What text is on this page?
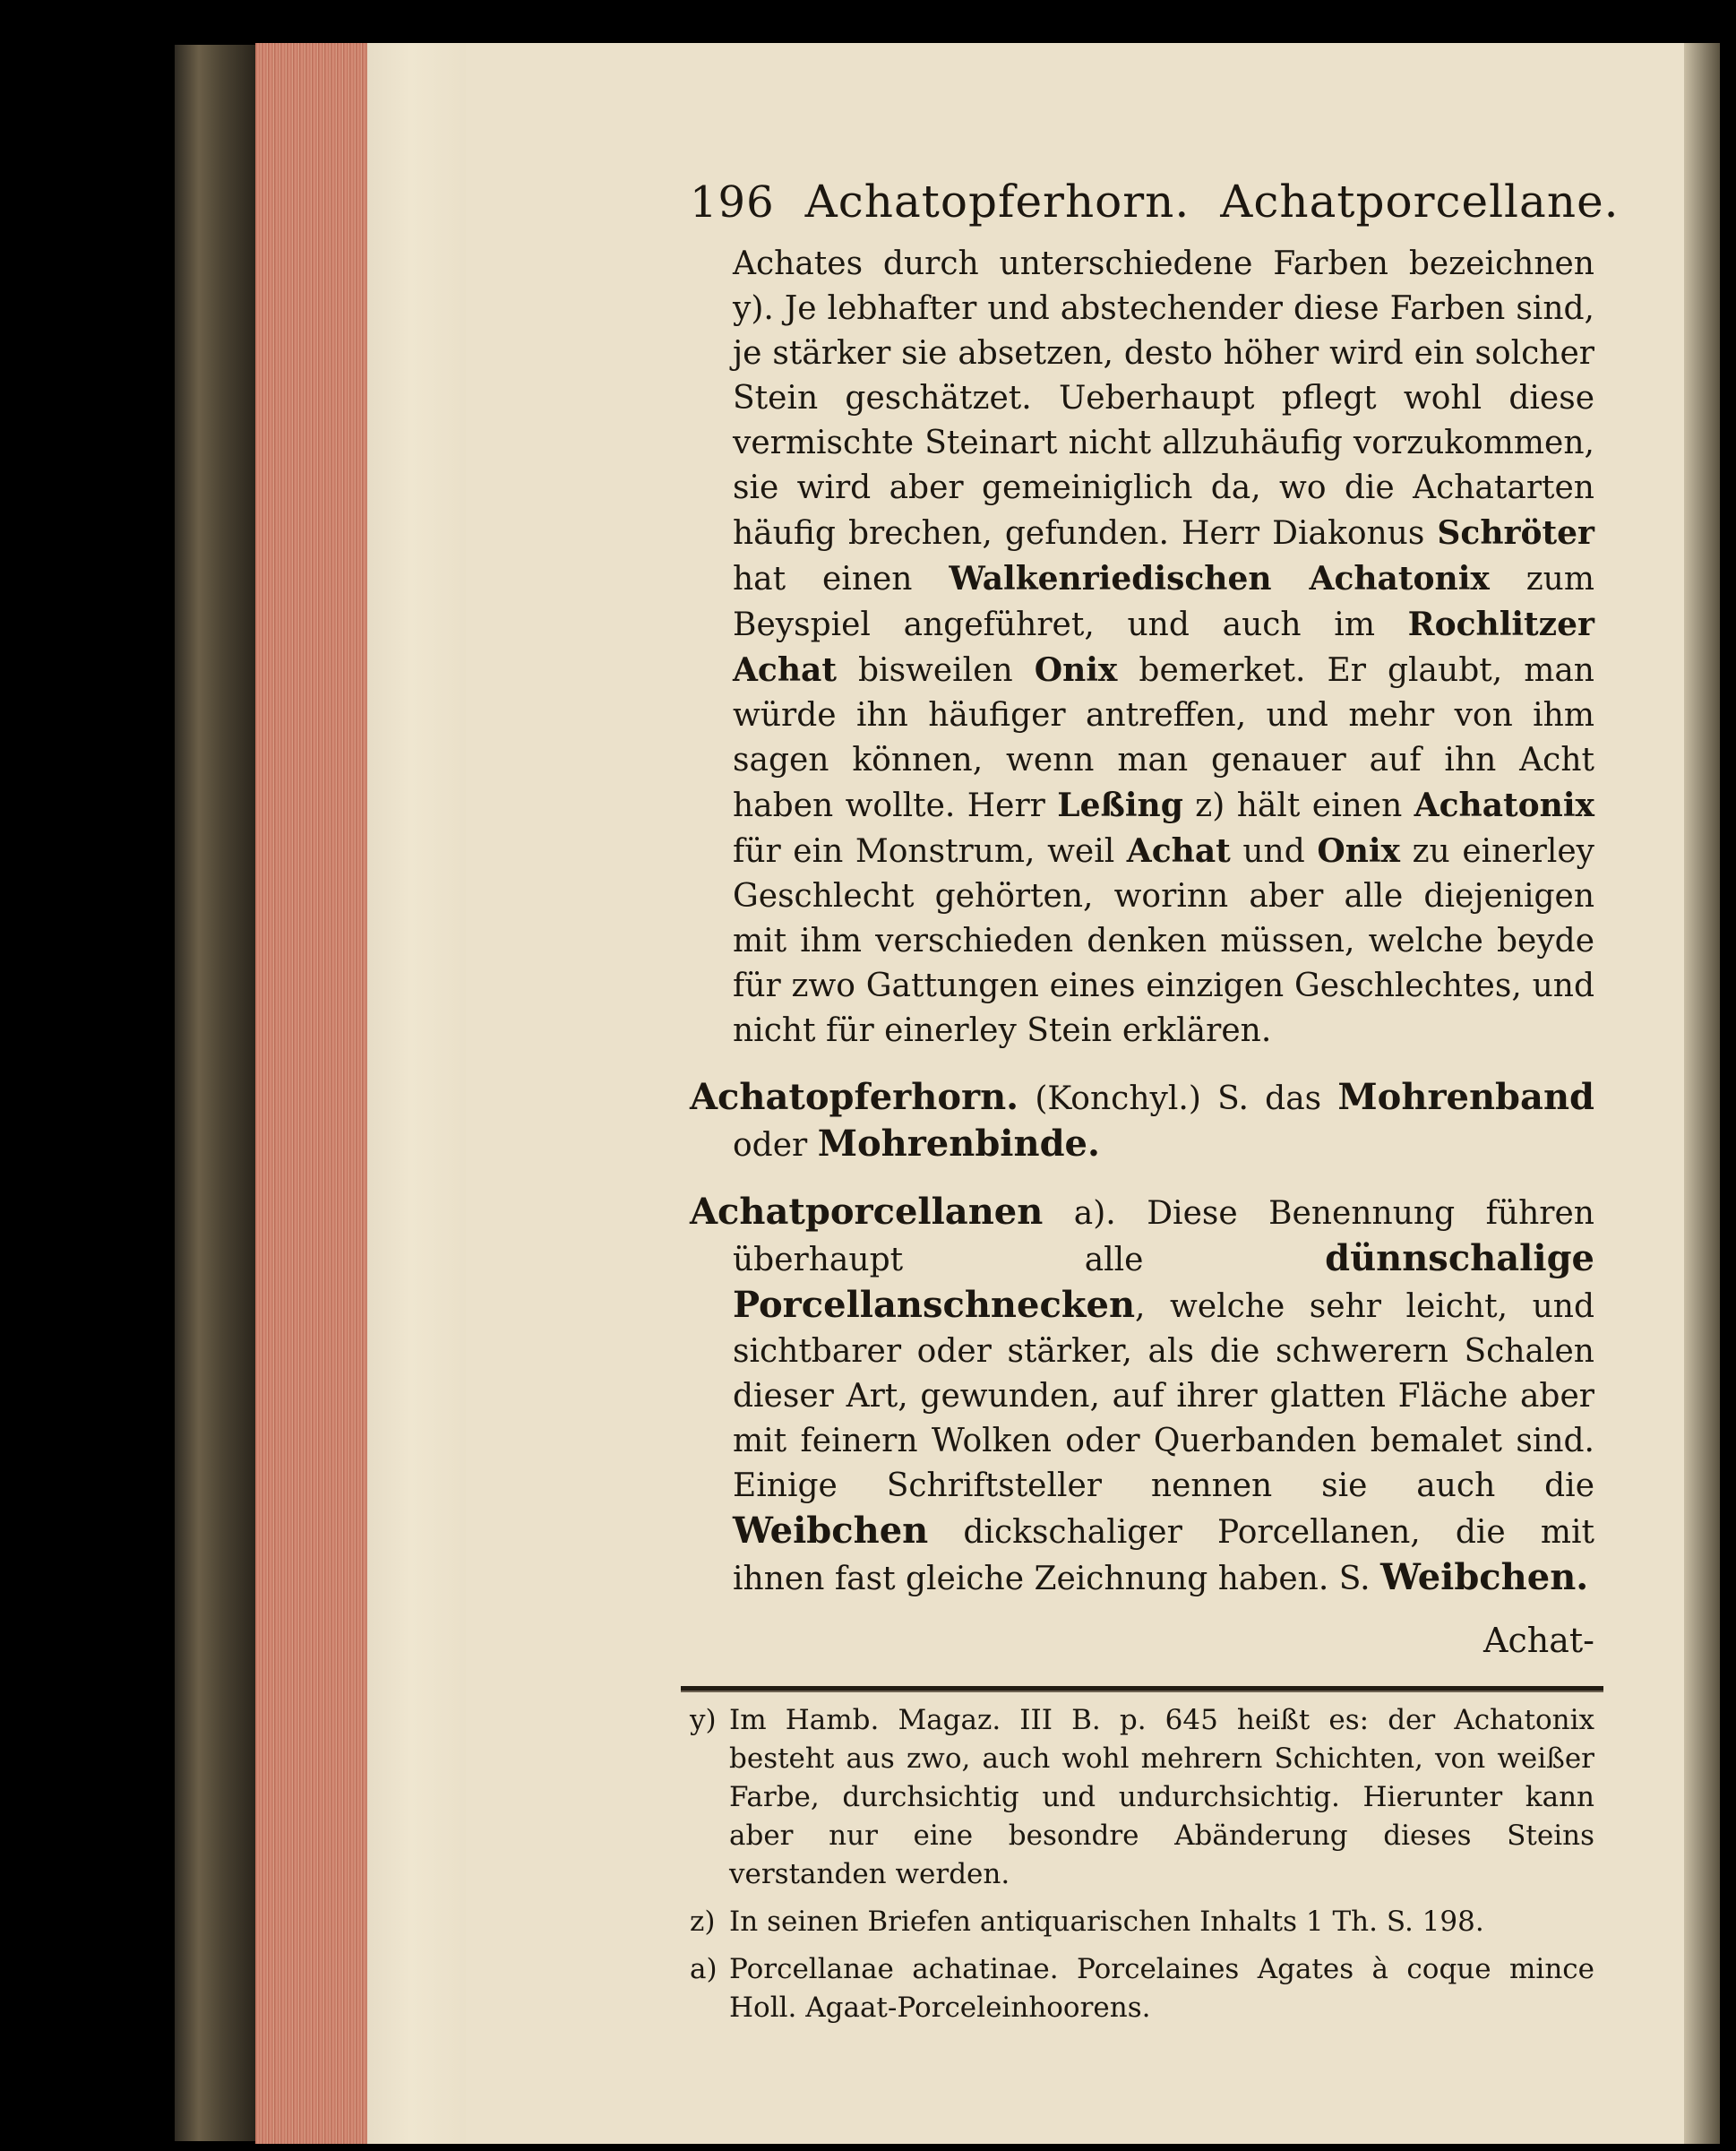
196 Achatopferhorn. Achatporcellane.

Achates durch unterschiedene Farben bezeichnen y). Je lebhafter und abstechender diese Farben sind, je stärker sie absetzen, desto höher wird ein solcher Stein geschätzet. Ueberhaupt pflegt wohl diese vermischte Steinart nicht allzuhäufig vorzukommen, sie wird aber gemeiniglich da, wo die Achatarten häufig brechen, gefunden. Herr Diakonus Schröter hat einen Walkenriedischen Achatonix zum Beyspiel angeführet, und auch im Rochlitzer Achat bisweilen Onix bemerket. Er glaubt, man würde ihn häufiger antreffen, und mehr von ihm sagen können, wenn man genauer auf ihn Acht haben wollte. Herr Leßing z) hält einen Achatonix für ein Monstrum, weil Achat und Onix zu einerley Geschlecht gehörten, worinn aber alle diejenigen mit ihm verschieden denken müssen, welche beyde für zwo Gattungen eines einzigen Geschlechtes, und nicht für einerley Stein erklären.

Achatopferhorn. (Konchyl.) S. das Mohrenband oder Mohrenbinde.

Achatporcellanen a). Diese Benennung führen überhaupt alle dünnschalige Porcellanschnecken, welche sehr leicht, und sichtbarer oder stärker, als die schwerern Schalen dieser Art, gewunden, auf ihrer glatten Fläche aber mit feinern Wolken oder Querbanden bemalet sind. Einige Schriftsteller nennen sie auch die Weibchen dickschaliger Porcellanen, die mit ihnen fast gleiche Zeichnung haben. S. Weibchen.

Achat-
y) Im Hamb. Magaz. III B. p. 645 heißt es: der Achatonix besteht aus zwo, auch wohl mehrern Schichten, von weißer Farbe, durchsichtig und undurchsichtig. Hierunter kann aber nur eine besondre Abänderung dieses Steins verstanden werden.
z) In seinen Briefen antiquarischen Inhalts 1 Th. S. 198.
a) Porcellanae achatinae. Porcelaines Agates à coque mince Holl. Agaat-Porceleinhoorens.
